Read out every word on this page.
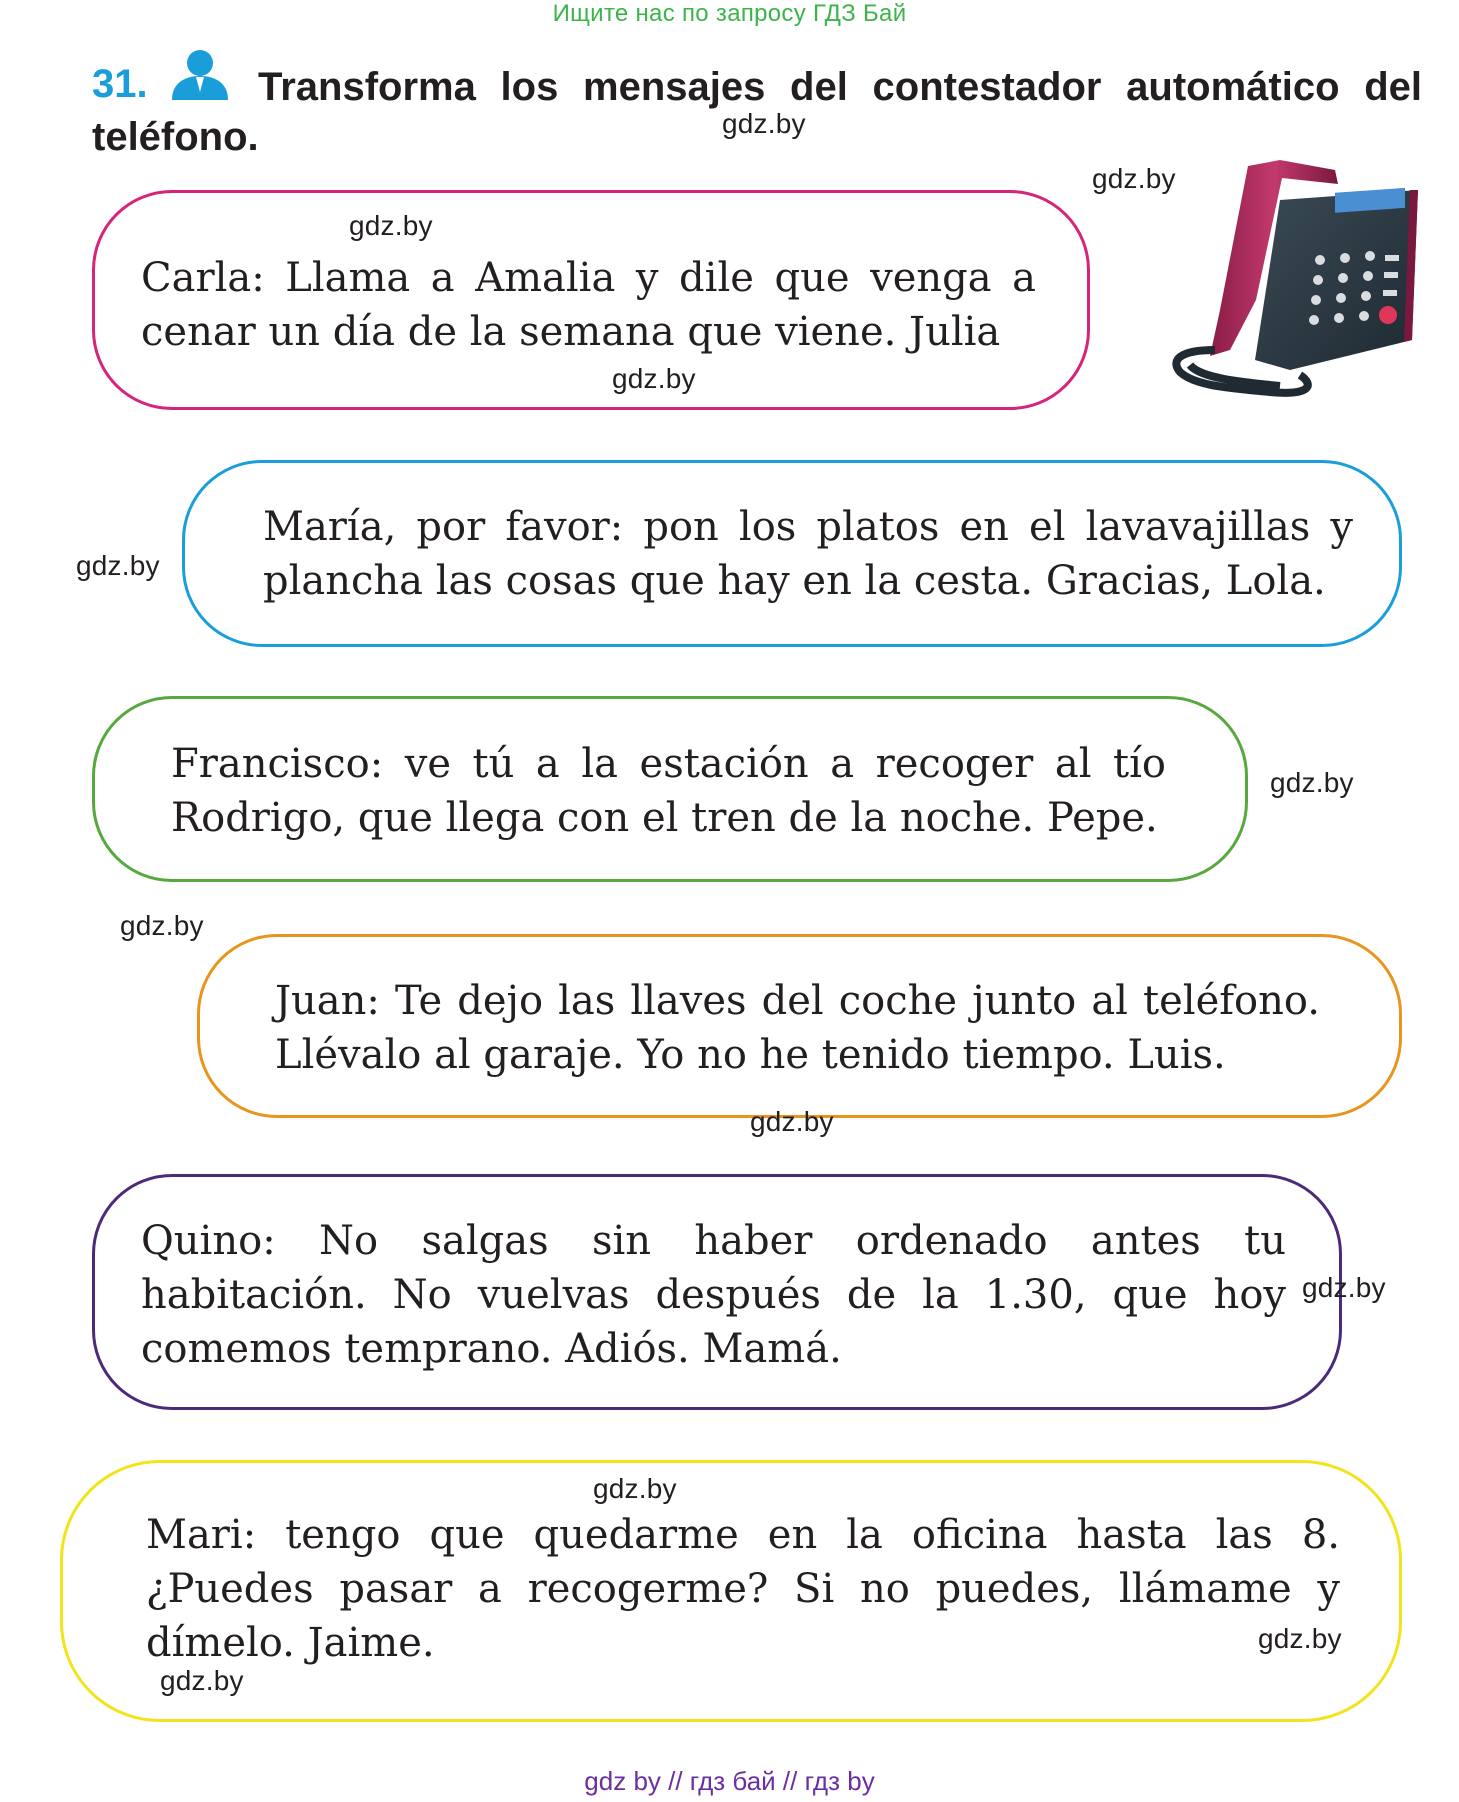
Ищите нас по запросу ГДЗ Бай
Transforma los mensajes del contestador automático del teléfono.
31.
Carla: Llama a Amalia y dile que venga a cenar un día de la semana que viene. Julia
María, por favor: pon los platos en el lavavajillas y plancha las cosas que hay en la cesta. Gracias, Lola.
Francisco: ve tú a la estación a recoger al tío Rodrigo, que llega con el tren de la noche. Pepe.
Juan: Te dejo las llaves del coche junto al teléfono. Llévalo al garaje. Yo no he tenido tiempo. Luis.
Quino: No salgas sin haber ordenado antes tu habitación. No vuelvas después de la 1.30, que hoy comemos temprano. Adiós. Mamá.
Mari: tengo que quedarme en la oficina hasta las 8. ¿Puedes pasar a recogerme? Si no puedes, llámame y dímelo. Jaime.
gdz.by
gdz.by
gdz.by
gdz.by
gdz.by
gdz.by
gdz.by
gdz.by
gdz.by
gdz.by
gdz.by
gdz.by
gdz by // гдз бай // гдз by
